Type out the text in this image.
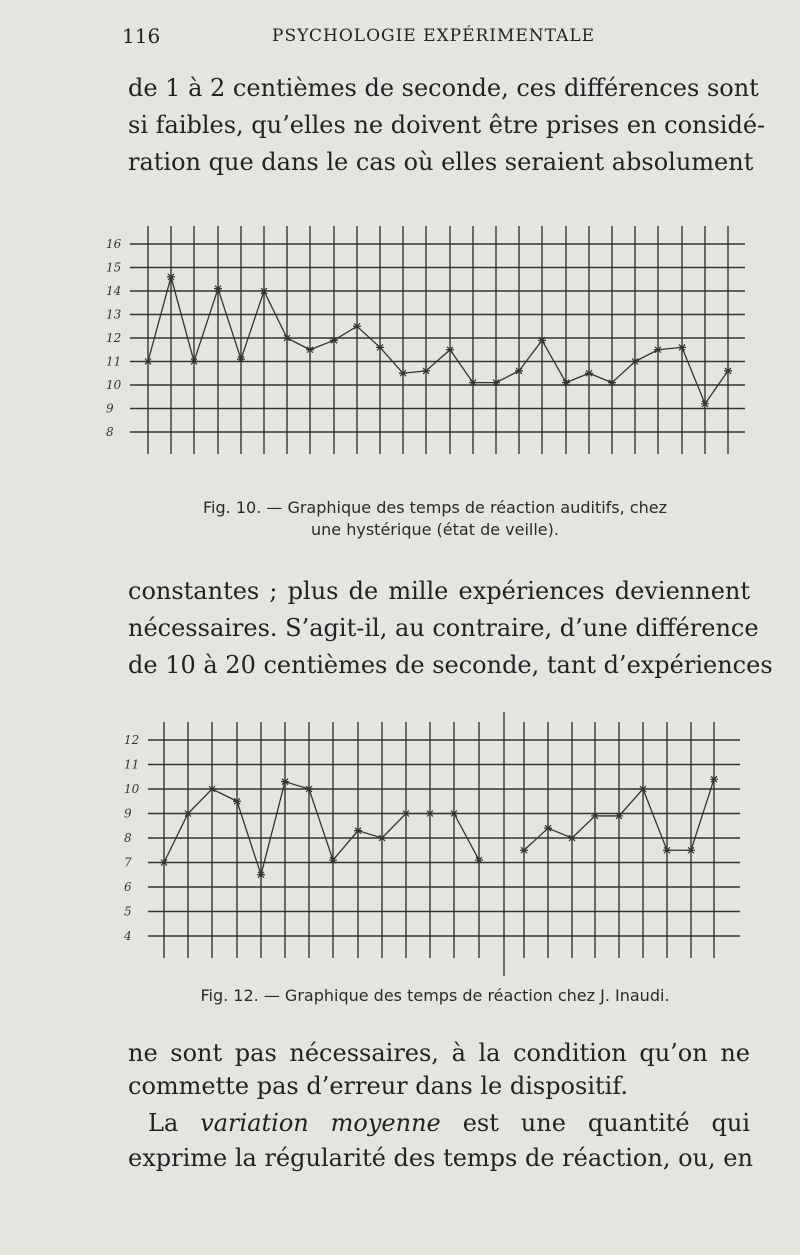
116	PSYCHOLOGIE EXPÉRIMENTALE
de 1 à 2 centièmes de seconde, ces différences sont
si faibles, qu’elles ne doivent être prises en considé-
ration que dans le cas où elles seraient absolument
16
15
14
13
12
11
10
9
8
Fig. 10. — Graphique des temps de réaction auditifs, chez
une hystérique (état de veille).
constantes ; plus de mille expériences deviennent
nécessaires. S’agit-il, au contraire, d’une différence
de 10 à 20 centièmes de seconde, tant d’expériences
12
11
10
9
8
7
6
5
4
Fig. 12. — Graphique des temps de réaction chez J. Inaudi.
ne sont pas nécessaires, à la condition qu’on ne
commette pas d’erreur dans le dispositif.
La variation moyenne est une quantité qui
exprime la régularité des temps de réaction, ou, en
